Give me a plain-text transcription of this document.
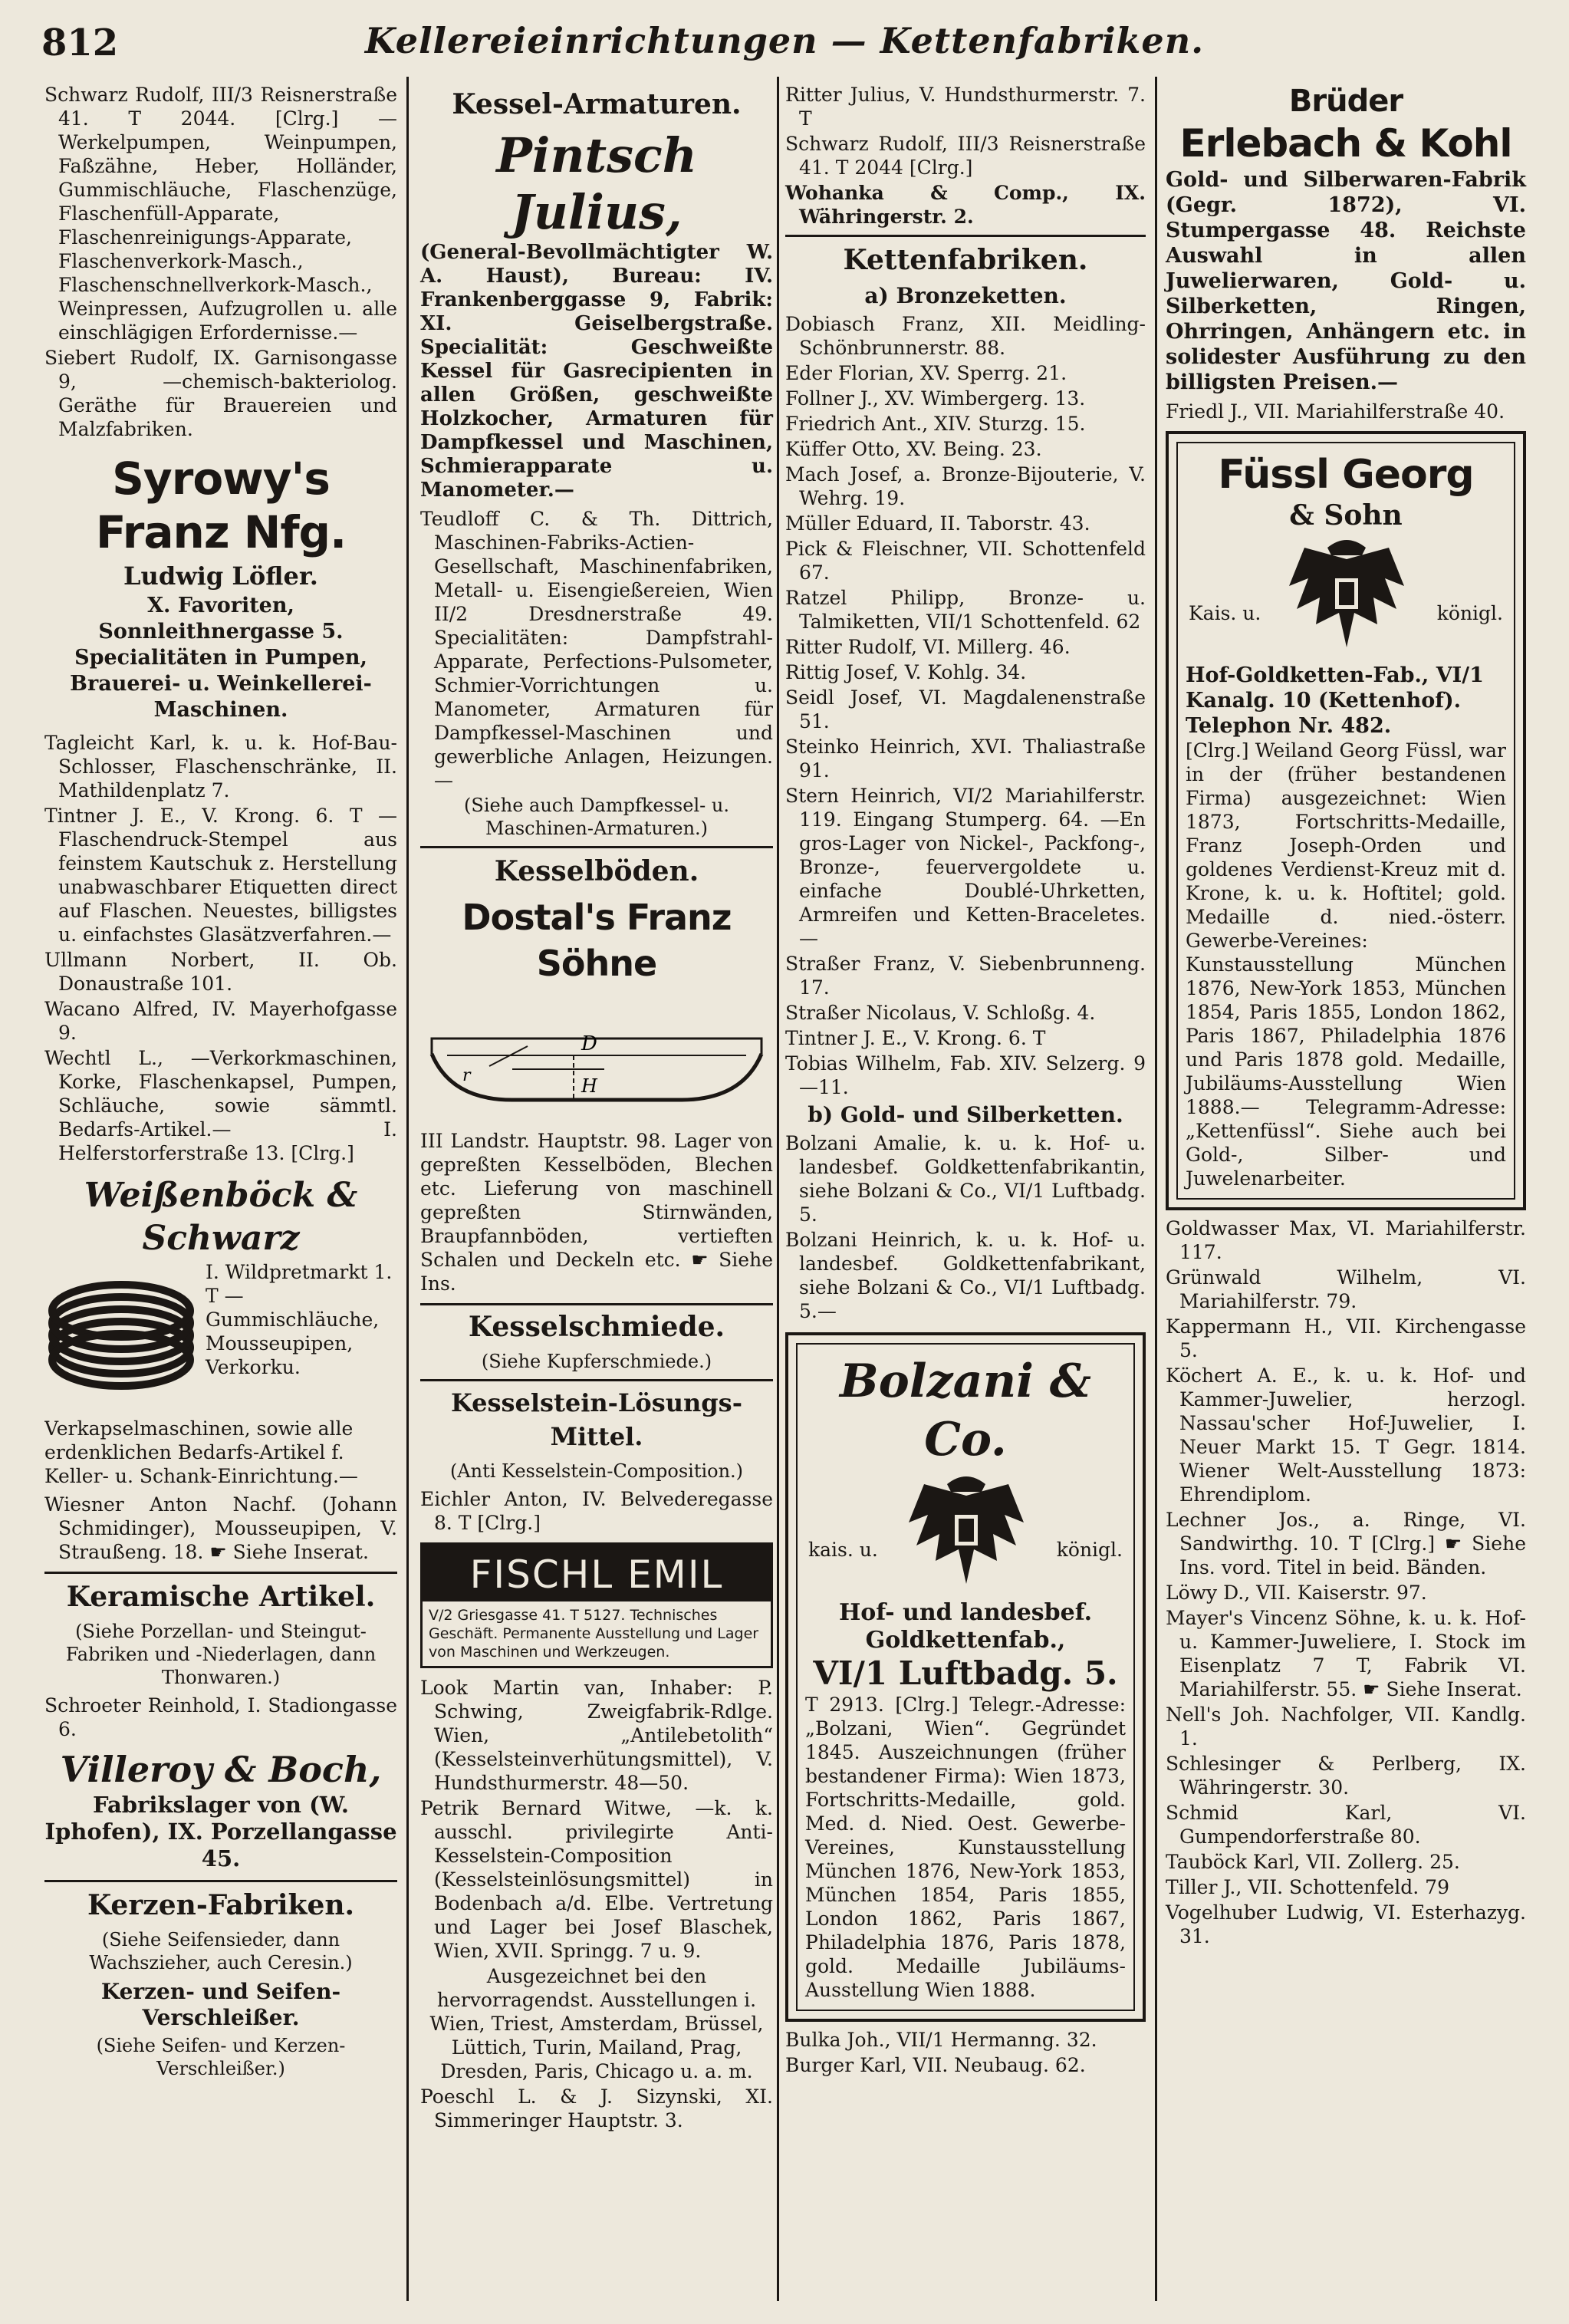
812	Kellereieinrichtungen — Kettenfabriken.

Schwarz Rudolf, III/3 Reisnerstraße 41. T 2044. [Clrg.] —Werkelpumpen, Weinpumpen, Faßzähne, Heber, Holländer, Gummischläuche, Flaschenzüge, Flaschenfüll-Apparate, Flaschenreinigungs-Apparate, Flaschenverkork-Masch., Flaschenschnellverkork-Masch., Weinpressen, Aufzugrollen u. alle einschlägigen Erfordernisse.—

Siebert Rudolf, IX. Garnisongasse 9, —chemisch-bakteriolog. Geräthe für Brauereien und Malzfabriken.

Syrowy's Franz Nfg.
Ludwig Löfler.
X. Favoriten, Sonnleithnergasse 5. Specialitäten in Pumpen, Brauerei- u. Weinkellerei-Maschinen.

Tagleicht Karl, k. u. k. Hof-Bau-Schlosser, Flaschenschränke, II. Mathildenplatz 7.

Tintner J. E., V. Krong. 6. T —Flaschendruck-Stempel aus feinstem Kautschuk z. Herstellung unabwaschbarer Etiquetten direct auf Flaschen. Neuestes, billigstes u. einfachstes Glasätzverfahren.—

Ullmann Norbert, II. Ob. Donaustraße 101.

Wacano Alfred, IV. Mayerhofgasse 9.

Wechtl L., —Verkorkmaschinen, Korke, Flaschenkapsel, Pumpen, Schläuche, sowie sämmtl. Bedarfs-Artikel.— I. Helferstorferstraße 13. [Clrg.]

Weißenböck & Schwarz
I. Wildpretmarkt 1. T —Gummischläuche, Mousseupipen, Verkorku. Verkapselmaschinen, sowie alle erdenklichen Bedarfs-Artikel f. Keller- u. Schank-Einrichtung.—

Wiesner Anton Nachf. (Johann Schmidinger), Mousseupipen, V. Straußeng. 18. ☛ Siehe Inserat.

Keramische Artikel.
(Siehe Porzellan- und Steingut-Fabriken und -Niederlagen, dann Thonwaren.)

Schroeter Reinhold, I. Stadiongasse 6.

Villeroy & Boch,
Fabrikslager von (W. Iphofen), IX. Porzellangasse 45.
Kerzen-Fabriken.
(Siehe Seifensieder, dann Wachszieher, auch Ceresin.)
Kerzen- und Seifen-Verschleißer.
(Siehe Seifen- und Kerzen-Verschleißer.)
Kessel-Armaturen.
Pintsch Julius,
(General-Bevollmächtigter W. A. Haust), Bureau: IV. Frankenberggasse 9, Fabrik: XI. Geiselbergstraße. Specialität: Geschweißte Kessel für Gasrecipienten in allen Größen, geschweißte Holzkocher, Armaturen für Dampfkessel und Maschinen, Schmierapparate u. Manometer.—

Teudloff C. & Th. Dittrich, Maschinen-Fabriks-Actien-Gesellschaft, Maschinenfabriken, Metall- u. Eisengießereien, Wien II/2 Dresdnerstraße 49. Specialitäten: Dampfstrahl-Apparate, Perfections-Pulsometer, Schmier-Vorrichtungen u. Manometer, Armaturen für Dampfkessel-Maschinen und gewerbliche Anlagen, Heizungen.—

(Siehe auch Dampfkessel- u. Maschinen-Armaturen.)
Kesselböden.
Dostal's Franz Söhne
D
H
r
III Landstr. Hauptstr. 98. Lager von gepreßten Kesselböden, Blechen etc. Lieferung von maschinell gepreßten Stirnwänden, Braupfannböden, vertieften Schalen und Deckeln etc. ☛ Siehe Ins.
Kesselschmiede.
(Siehe Kupferschmiede.)
Kesselstein-Lösungs-Mittel.
(Anti Kesselstein-Composition.)

Eichler Anton, IV. Belvederegasse 8. T [Clrg.]

FISCHL EMIL
V/2 Griesgasse 41. T 5127. Technisches Geschäft. Permanente Ausstellung und Lager von Maschinen und Werkzeugen.

Look Martin van, Inhaber: P. Schwing, Zweigfabrik-Rdlge. Wien, „Antilebetolith“ (Kesselsteinverhütungsmittel), V. Hundsthurmerstr. 48—50.

Petrik Bernard Witwe, —k. k. ausschl. privilegirte Anti-Kesselstein-Composition (Kesselsteinlösungsmittel) in Bodenbach a/d. Elbe. Vertretung und Lager bei Josef Blaschek, Wien, XVII. Springg. 7 u. 9.

Ausgezeichnet bei den hervorragendst. Ausstellungen i. Wien, Triest, Amsterdam, Brüssel, Lüttich, Turin, Mailand, Prag, Dresden, Paris, Chicago u. a. m.

Poeschl L. & J. Sizynski, XI. Simmeringer Hauptstr. 3.

Ritter Julius, V. Hundsthurmerstr. 7. T

Schwarz Rudolf, III/3 Reisnerstraße 41. T 2044 [Clrg.]

Wohanka & Comp., IX. Währingerstr. 2.

Kettenfabriken.
a) Bronzeketten.

Dobiasch Franz, XII. Meidling-Schönbrunnerstr. 88.

Eder Florian, XV. Sperrg. 21.

Follner J., XV. Wimbergerg. 13.

Friedrich Ant., XIV. Sturzg. 15.

Küffer Otto, XV. Being. 23.

Mach Josef, a. Bronze-Bijouterie, V. Wehrg. 19.

Müller Eduard, II. Taborstr. 43.

Pick & Fleischner, VII. Schottenfeld 67.

Ratzel Philipp, Bronze- u. Talmiketten, VII/1 Schottenfeld. 62

Ritter Rudolf, VI. Millerg. 46.

Rittig Josef, V. Kohlg. 34.

Seidl Josef, VI. Magdalenenstraße 51.

Steinko Heinrich, XVI. Thaliastraße 91.

Stern Heinrich, VI/2 Mariahilferstr. 119. Eingang Stumperg. 64. —En gros-Lager von Nickel-, Packfong-, Bronze-, feuervergoldete u. einfache Doublé-Uhrketten, Armreifen und Ketten-Braceletes.—

Straßer Franz, V. Siebenbrunneng. 17.

Straßer Nicolaus, V. Schloßg. 4.

Tintner J. E., V. Krong. 6. T

Tobias Wilhelm, Fab. XIV. Selzerg. 9—11.

b) Gold- und Silberketten.

Bolzani Amalie, k. u. k. Hof- u. landesbef. Goldkettenfabrikantin, siehe Bolzani & Co., VI/1 Luftbadg. 5.

Bolzani Heinrich, k. u. k. Hof- u. landesbef. Goldkettenfabrikant, siehe Bolzani & Co., VI/1 Luftbadg. 5.—

Bolzani & Co.
kais. u.	königl.
Hof- und landesbef. Goldkettenfab.,
VI/1 Luftbadg. 5.
T 2913. [Clrg.] Telegr.-Adresse: „Bolzani, Wien“. Gegründet 1845. Auszeichnungen (früher bestandener Firma): Wien 1873, Fortschritts-Medaille, gold. Med. d. Nied. Oest. Gewerbe-Vereines, Kunstausstellung München 1876, New-York 1853, München 1854, Paris 1855, London 1862, Paris 1867, Philadelphia 1876, Paris 1878, gold. Medaille Jubiläums-Ausstellung Wien 1888.

Bulka Joh., VII/1 Hermanng. 32.

Burger Karl, VII. Neubaug. 62.

Brüder
Erlebach & Kohl
Gold- und Silberwaren-Fabrik (Gegr. 1872), VI. Stumpergasse 48. Reichste Auswahl in allen Juwelierwaren, Gold- u. Silberketten, Ringen, Ohrringen, Anhängern etc. in solidester Ausführung zu den billigsten Preisen.—

Friedl J., VII. Mariahilferstraße 40.

Füssl Georg
& Sohn
Kais. u.	königl.
Hof-Goldketten-Fab., VI/1 Kanalg. 10 (Kettenhof). Telephon Nr. 482.
[Clrg.] Weiland Georg Füssl, war in der (früher bestandenen Firma) ausgezeichnet: Wien 1873, Fortschritts-Medaille, Franz Joseph-Orden und goldenes Verdienst-Kreuz mit d. Krone, k. u. k. Hoftitel; gold. Medaille d. nied.-österr. Gewerbe-Vereines: Kunstausstellung München 1876, New-York 1853, München 1854, Paris 1855, London 1862, Paris 1867, Philadelphia 1876 und Paris 1878 gold. Medaille, Jubiläums-Ausstellung Wien 1888.— Telegramm-Adresse: „Kettenfüssl“. Siehe auch bei Gold-, Silber- und Juwelenarbeiter.

Goldwasser Max, VI. Mariahilferstr. 117.

Grünwald Wilhelm, VI. Mariahilferstr. 79.

Kappermann H., VII. Kirchengasse 5.

Köchert A. E., k. u. k. Hof- und Kammer-Juwelier, herzogl. Nassau'scher Hof-Juwelier, I. Neuer Markt 15. T Gegr. 1814. Wiener Welt-Ausstellung 1873: Ehrendiplom.

Lechner Jos., a. Ringe, VI. Sandwirthg. 10. T [Clrg.] ☛ Siehe Ins. vord. Titel in beid. Bänden.

Löwy D., VII. Kaiserstr. 97.

Mayer's Vincenz Söhne, k. u. k. Hof- u. Kammer-Juweliere, I. Stock im Eisenplatz 7 T, Fabrik VI. Mariahilferstr. 55. ☛ Siehe Inserat.

Nell's Joh. Nachfolger, VII. Kandlg. 1.

Schlesinger & Perlberg, IX. Währingerstr. 30.

Schmid Karl, VI. Gumpendorferstraße 80.

Tauböck Karl, VII. Zollerg. 25.

Tiller J., VII. Schottenfeld. 79

Vogelhuber Ludwig, VI. Esterhazyg. 31.
